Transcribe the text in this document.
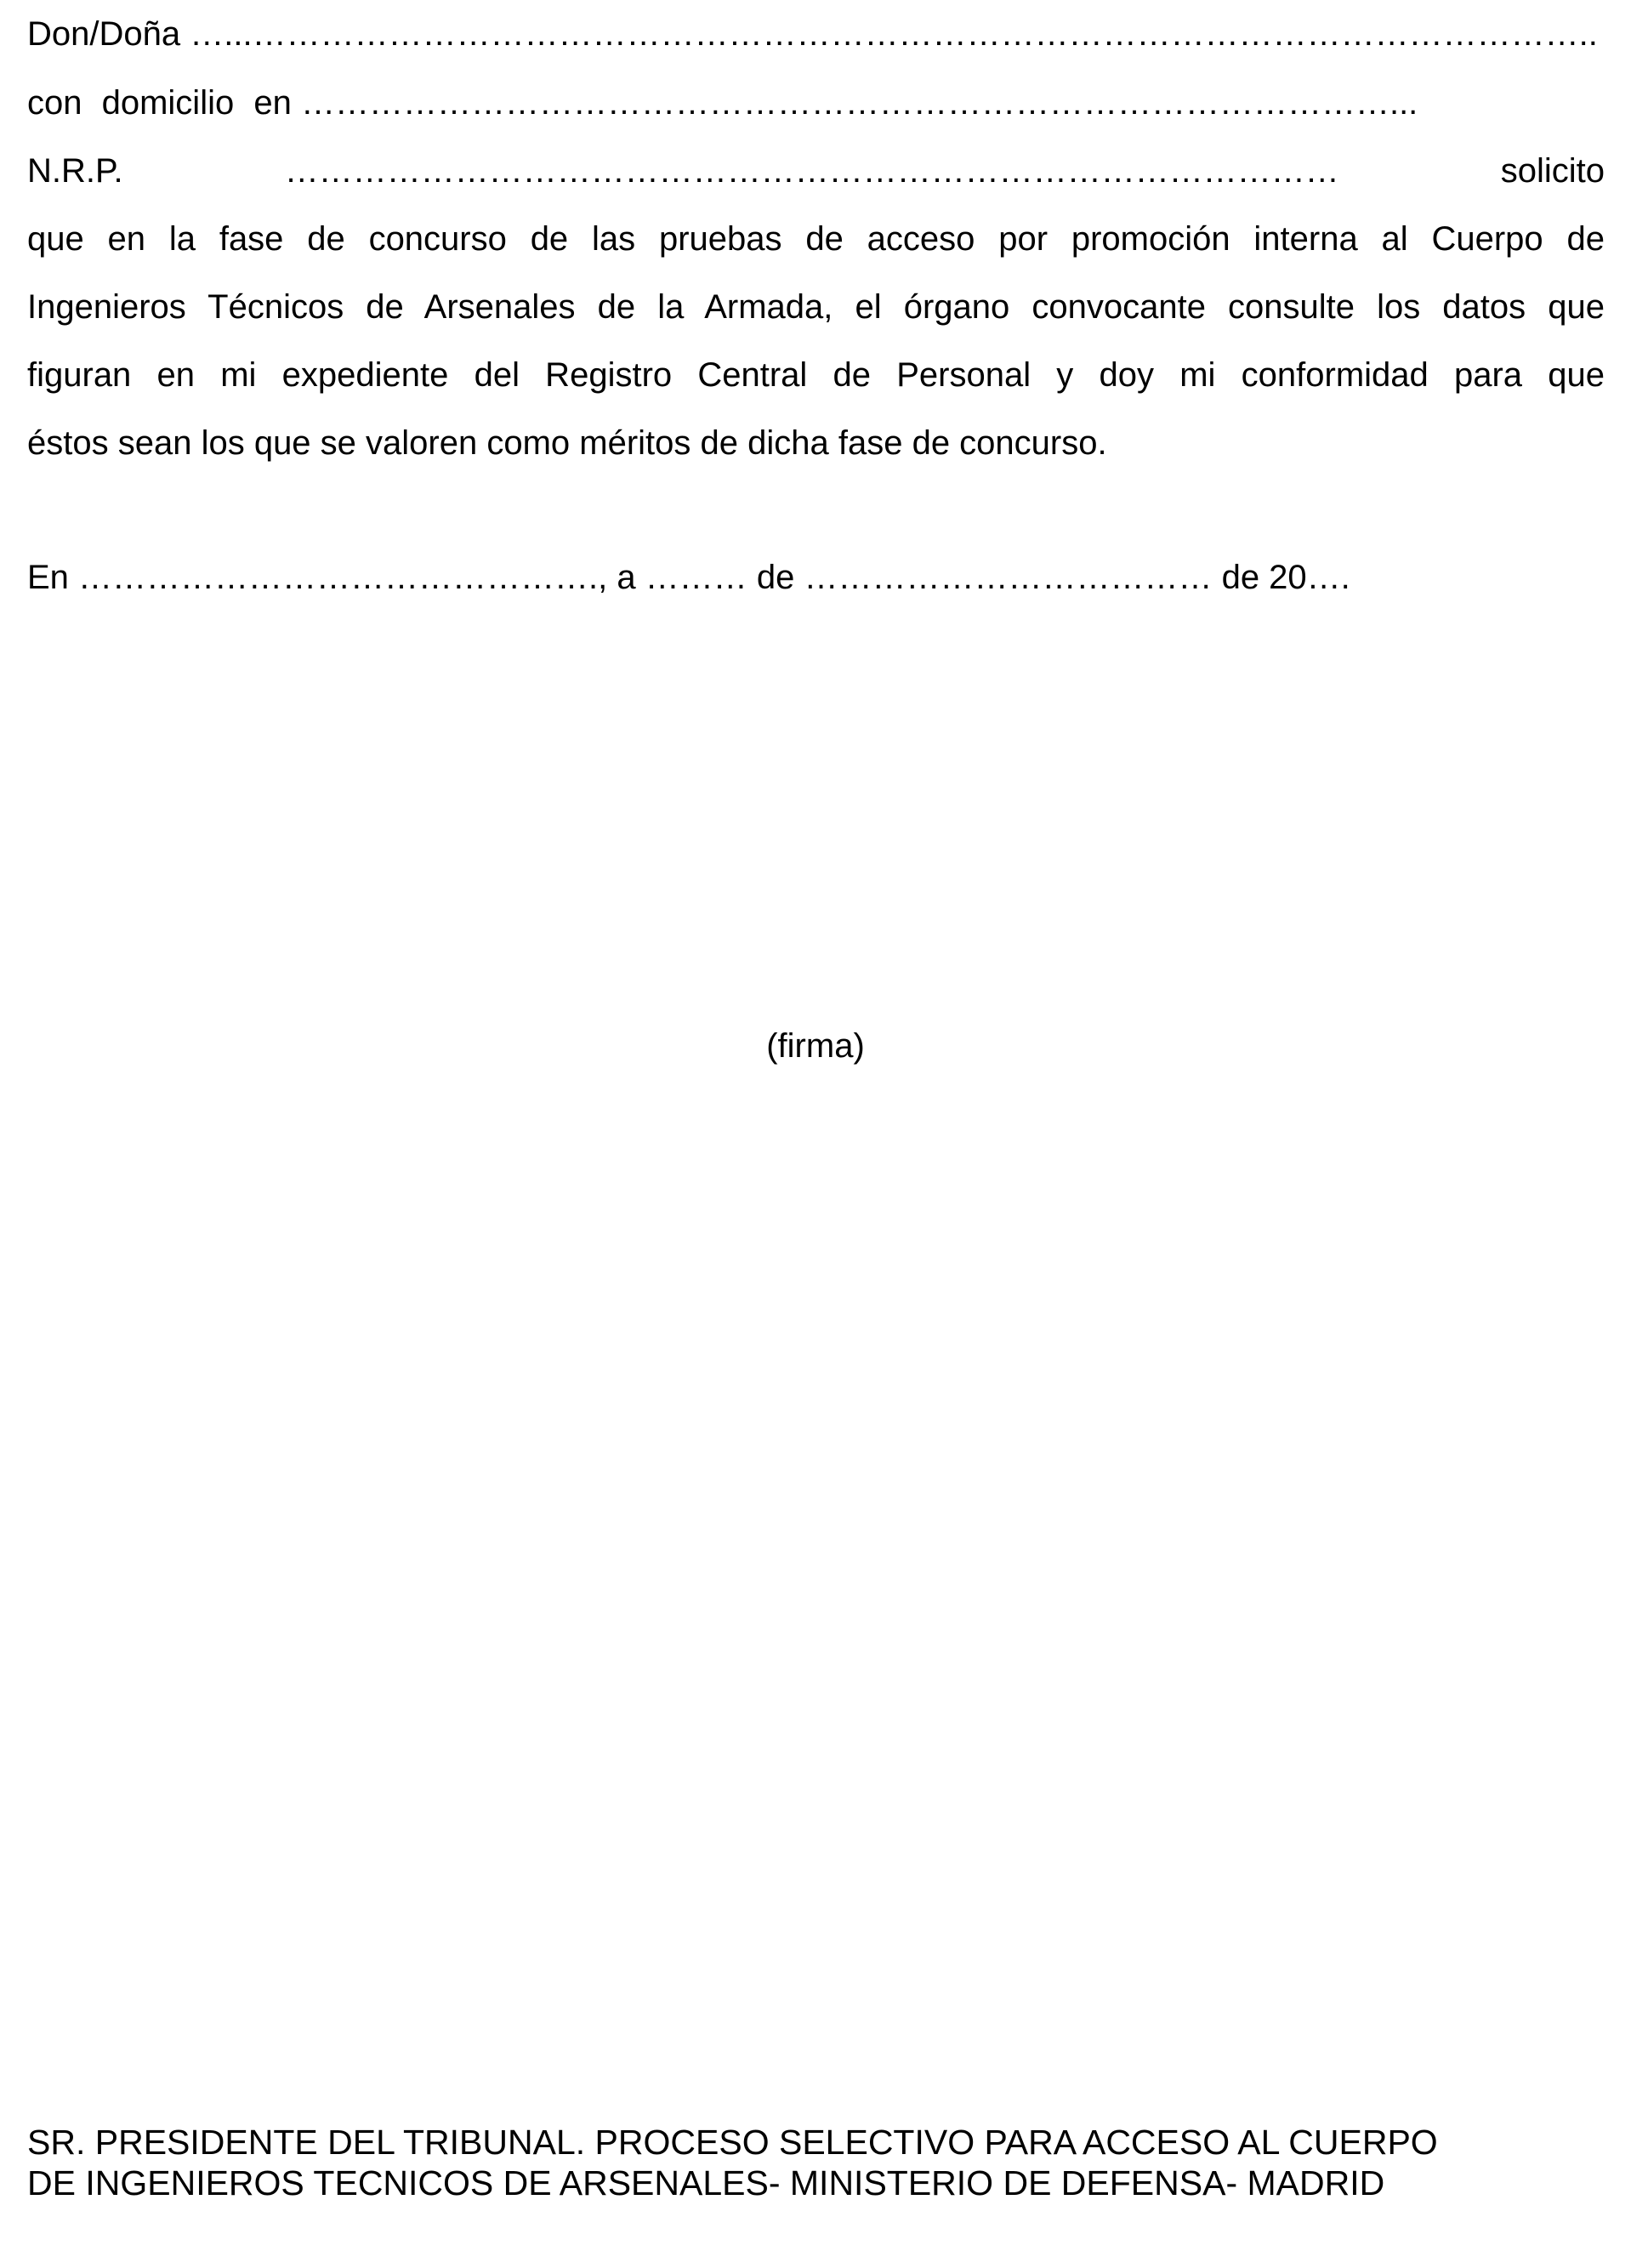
Don/Doña …...………………………………………………………………………………………………………..
con domicilio en ……………………………………………………………………………………...
N.R.P.	…………………………………………………………………………………	solicito
que en la fase de concurso de las pruebas de acceso por promoción interna al Cuerpo de
Ingenieros Técnicos de Arsenales de la Armada, el órgano convocante consulte los datos que
figuran en mi expediente del Registro Central de Personal y doy mi conformidad para que
éstos sean los que se valoren como méritos de dicha fase de concurso.
En ………………………………………., a ……… de ……………………………… de 20….
(firma)
SR. PRESIDENTE DEL TRIBUNAL. PROCESO SELECTIVO PARA ACCESO AL CUERPO
DE INGENIEROS TECNICOS DE ARSENALES- MINISTERIO DE DEFENSA- MADRID
